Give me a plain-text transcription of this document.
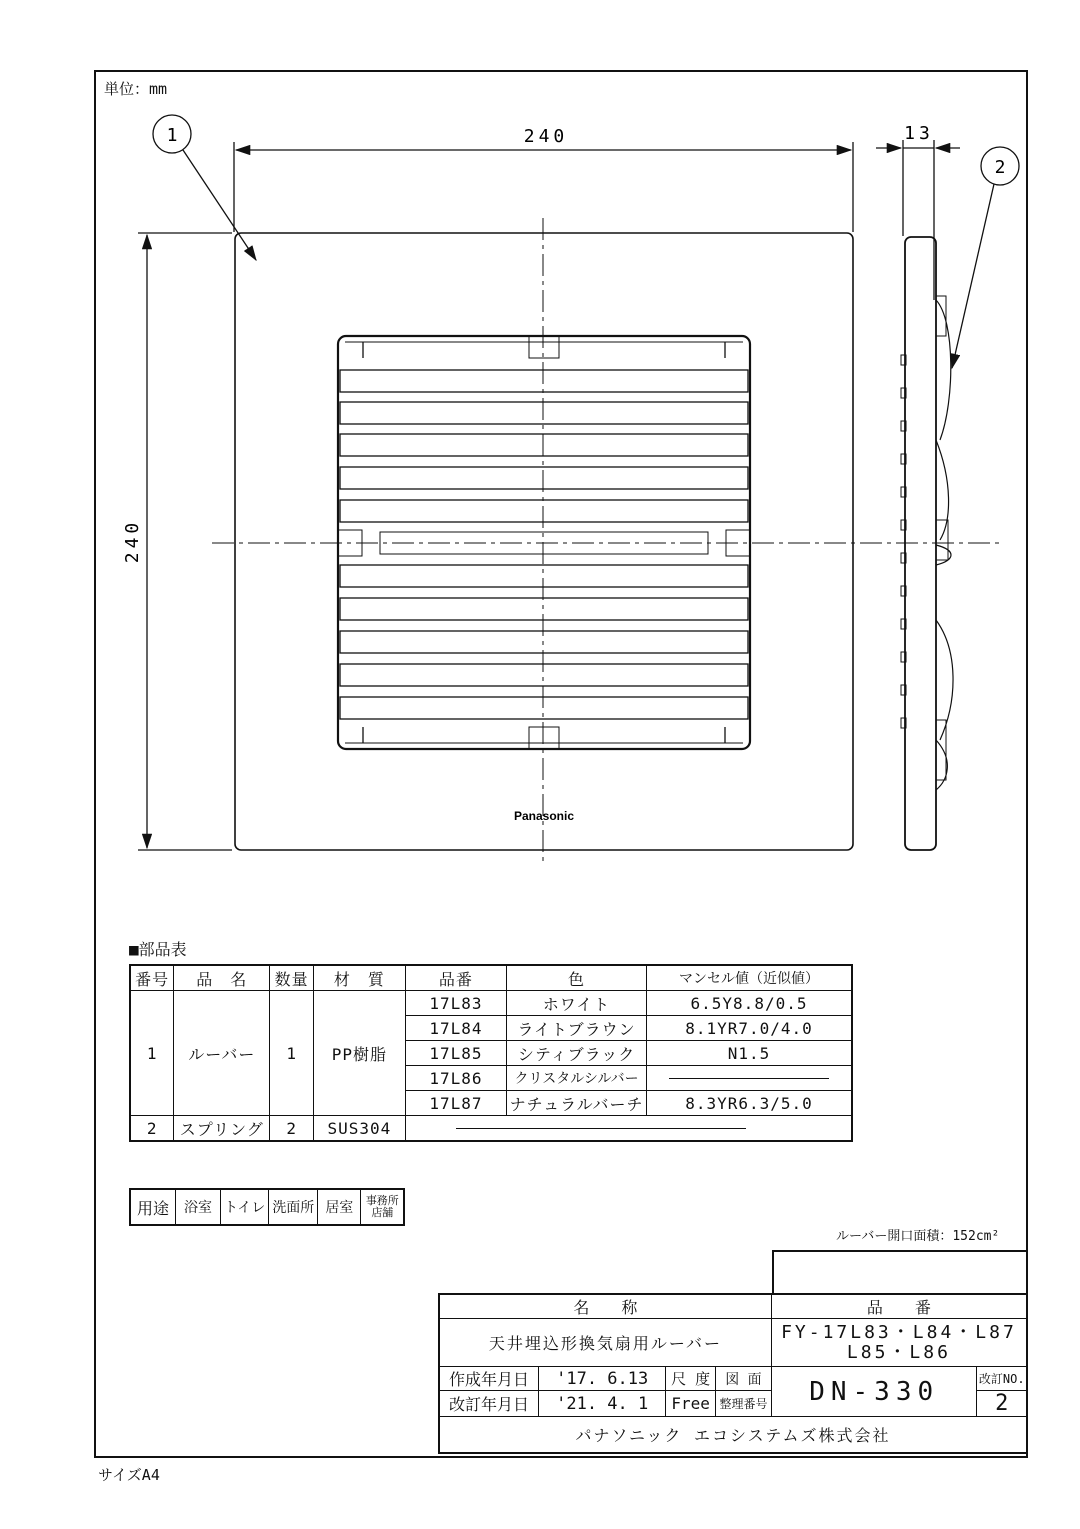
単位：mm
サイズA4
240
240
13
1
2
Panasonic
■部品表
番号	品　名	数量	材　質	品番	色	マンセル値（近似値）
1	ルーバー	1	PP樹脂	17L83	ホワイト	6.5Y8.8/0.5
				17L84	ライトブラウン	8.1YR7.0/4.0
				17L85	シティブラック	N1.5
				17L86	クリスタルシルバー	

				17L87	ナチュラルバーチ	8.3YR6.3/5.0
2	スプリング	2	SUS304			
用途	浴室	トイレ	洗面所	居室	事務所
店舗
ルーバー開口面積：152cm²
名　　称				品　　番	
天井埋込形換気扇用ルーバー				FY-17L83・L84・L87
L85・L86	

作成年月日	'17. 6.13	尺 度	図 面	DN-330	改訂NO.
改訂年月日	'21. 4. 1	Free	整理番号		2
パナソニック エコシステムズ株式会社					
